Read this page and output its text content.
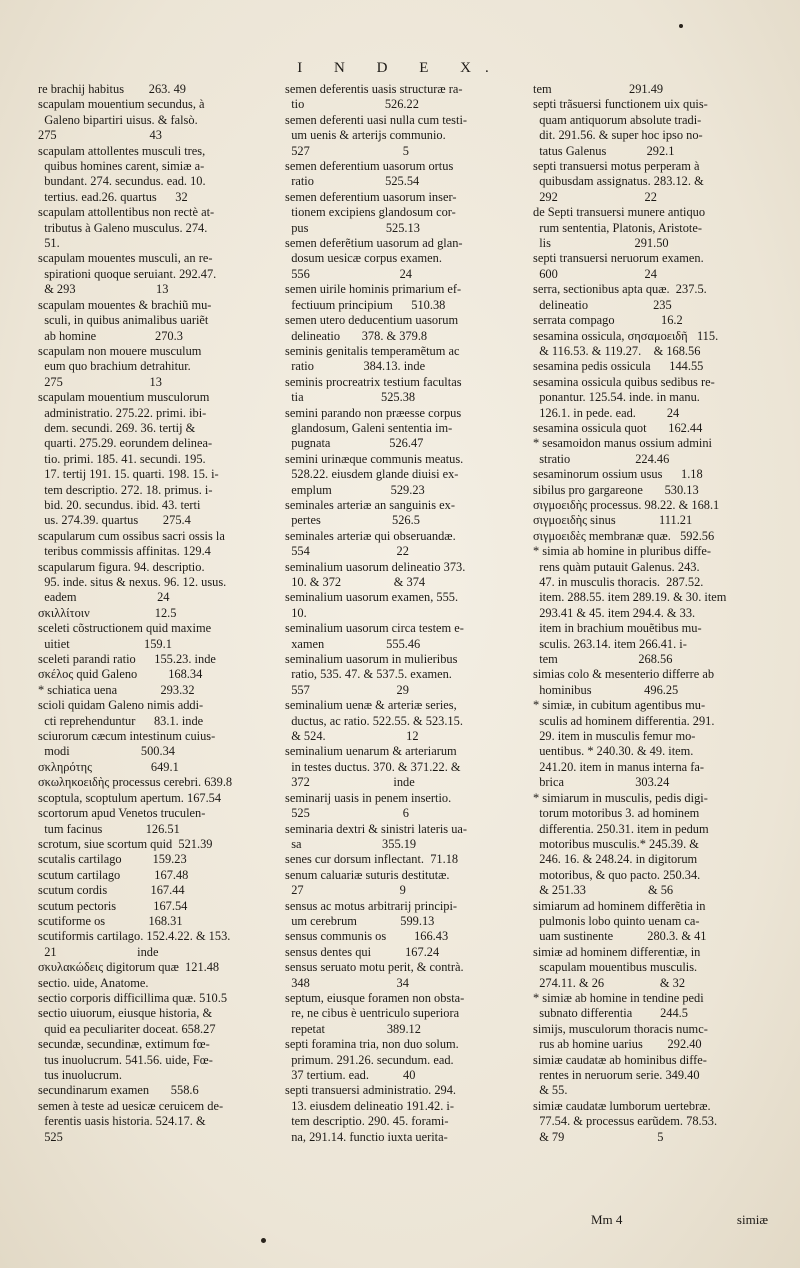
I N D E X.
re brachij habitus        263. 49
scapulam mouentium secundus, à
Galeno bipartiri uisus. & falsò.
275                              43
scapulam attollentes musculi tres,
quibus homines carent, simiæ a-
bundant. 274. secundus. ead. 10.
tertius. ead.26. quartus      32
scapulam attollentibus non rectè at-
tributus à Galeno musculus. 274.
51.
scapulam mouentes musculi, an re-
spirationi quoque seruiant. 292.47.
& 293                          13
scapulam mouentes & brachiũ mu-
sculi, in quibus animalibus uariẽt
ab homine                   270.3
scapulam non mouere musculum
eum quo brachium detrahitur.
275                            13
scapulam mouentium musculorum
administratio. 275.22. primi. ibi-
dem. secundi. 269. 36. tertij &
quarti. 275.29. eorundem delinea-
tio. primi. 185. 41. secundi. 195.
17. tertij 191. 15. quarti. 198. 15. i-
tem descriptio. 272. 18. primus. i-
bid. 20. secundus. ibid. 43. terti
us. 274.39. quartus        275.4
scapularum cum ossibus sacri ossis la
teribus commissis affinitas. 129.4
scapularum figura. 94. descriptio.
95. inde. situs & nexus. 96. 12. usus.
eadem                          24
σκιλλίτοιν                     12.5
sceleti cõstructionem quid maxime
uitiet                        159.1
sceleti parandi ratio      155.23. inde
σκέλος quid Galeno          168.34
* schiatica uena              293.32
scioli quidam Galeno nimis addi-
cti reprehenduntur      83.1. inde
sciurorum cæcum intestinum cuius-
modi                       500.34
σκληρότης                   649.1
σκωληκοειδὴς processus cerebri. 639.8
scoptula, scoptulum apertum. 167.54
scortorum apud Venetos truculen-
tum facinus              126.51
scrotum, siue scortum quid  521.39
scutalis cartilago          159.23
scutum cartilago           167.48
scutum cordis              167.44
scutum pectoris            167.54
scutiforme os              168.31
scutiformis cartilago. 152.4.22. & 153.
21                          inde
σκυλακώδεις digitorum quæ  121.48
sectio. uide, Anatome.
sectio corporis difficillima quæ. 510.5
sectio uiuorum, eiusque historia, &
quid ea peculiariter doceat. 658.27
secundæ, secundinæ, extimum fœ-
tus inuolucrum. 541.56. uide, Fœ-
tus inuolucrum.
secundinarum examen       558.6
semen à teste ad uesicæ ceruicem de-
ferentis uasis historia. 524.17. &
525
semen deferentis uasis structuræ ra-
tio                          526.22
semen deferenti uasi nulla cum testi-
um uenis & arterijs communio.
527                              5
semen deferentium uasorum ortus
ratio                       525.54
semen deferentium uasorum inser-
tionem excipiens glandosum cor-
pus                         525.13
semen deferẽtium uasorum ad glan-
dosum uesicæ corpus examen.
556                             24
semen uirile hominis primarium ef-
fectiuum principium      510.38
semen utero deducentium uasorum
delineatio       378. & 379.8
seminis genitalis temperamẽtum ac
ratio                384.13. inde
seminis procreatrix testium facultas
tia                         525.38
semini parando non præesse corpus
glandosum, Galeni sententia im-
pugnata                   526.47
semini urinæque communis meatus.
528.22. eiusdem glande diuisi ex-
emplum                   529.23
seminales arteriæ an sanguinis ex-
pertes                       526.5
seminales arteriæ qui obseruandæ.
554                            22
seminalium uasorum delineatio 373.
10. & 372                 & 374
seminalium uasorum examen, 555.
10.
seminalium uasorum circa testem e-
xamen                    555.46
seminalium uasorum in mulieribus
ratio, 535. 47. & 537.5. examen.
557                            29
seminalium uenæ & arteriæ series,
ductus, ac ratio. 522.55. & 523.15.
& 524.                          12
seminalium uenarum & arteriarum
in testes ductus. 370. & 371.22. &
372                           inde
seminarij uasis in penem insertio.
525                              6
seminaria dextri & sinistri lateris ua-
sa                          355.19
senes cur dorsum inflectant.  71.18
senum caluariæ suturis destitutæ.
27                               9
sensus ac motus arbitrarij principi-
um cerebrum              599.13
sensus communis os         166.43
sensus dentes qui           167.24
sensus seruato motu perit, & contrà.
348                            34
septum, eiusque foramen non obsta-
re, ne cibus è uentriculo superiora
repetat                    389.12
septi foramina tria, non duo solum.
primum. 291.26. secundum. ead.
37 tertium. ead.           40
septi transuersi administratio. 294.
13. eiusdem delineatio 191.42. i-
tem descriptio. 290. 45. forami-
na, 291.14. functio iuxta uerita-
tem                         291.49
septi trãsuersi functionem uix quis-
quam antiquorum absolute tradi-
dit. 291.56. & super hoc ipso no-
tatus Galenus             292.1
septi transuersi motus perperam à
quibusdam assignatus. 283.12. &
292                            22
de Septi transuersi munere antiquo
rum sententia, Platonis, Aristote-
lis                           291.50
septi transuersi neruorum examen.
600                            24
serra, sectionibus apta quæ.  237.5.
delineatio                     235
serrata compago               16.2
sesamina ossicula, σησαμοειδῆ   115.
& 116.53. & 119.27.    & 168.56
sesamina pedis ossicula      144.55
sesamina ossicula quibus sedibus re-
ponantur. 125.54. inde. in manu.
126.1. in pede. ead.          24
sesamina ossicula quot       162.44
* sesamoidon manus ossium admini
stratio                     224.46
sesaminorum ossium usus      1.18
sibilus pro gargareone       530.13
σιγμοειδὴς processus. 98.22. & 168.1
σιγμοειδὴς sinus              111.21
σιγμοειδὲς membranæ quæ.   592.56
* simia ab homine in pluribus diffe-
rens quàm putauit Galenus. 243.
47. in musculis thoracis.  287.52.
item. 288.55. item 289.19. & 30. item
293.41 & 45. item 294.4. & 33.
item in brachium mouẽtibus mu-
sculis. 263.14. item 266.41. i-
tem                          268.56
simias colo & mesenterio differre ab
hominibus                 496.25
* simiæ, in cubitum agentibus mu-
sculis ad hominem differentia. 291.
29. item in musculis femur mo-
uentibus. * 240.30. & 49. item.
241.20. item in manus interna fa-
brica                       303.24
* simiarum in musculis, pedis digi-
torum motoribus 3. ad hominem
differentia. 250.31. item in pedum
motoribus musculis.* 245.39. &
246. 16. & 248.24. in digitorum
motoribus, & quo pacto. 250.34.
& 251.33                    & 56
simiarum ad hominem differẽtia in
pulmonis lobo quinto uenam ca-
uam sustinente           280.3. & 41
simiæ ad hominem differentiæ, in
scapulam mouentibus musculis.
274.11. & 26                  & 32
* simiæ ab homine in tendine pedi
subnato differentia         244.5
simijs, musculorum thoracis numc-
rus ab homine uarius        292.40
simiæ caudatæ ab hominibus diffe-
rentes in neruorum serie. 349.40
& 55.
simiæ caudatæ lumborum uertebræ.
77.54. & processus earũdem. 78.53.
& 79                              5
Mm 4	simiæ
